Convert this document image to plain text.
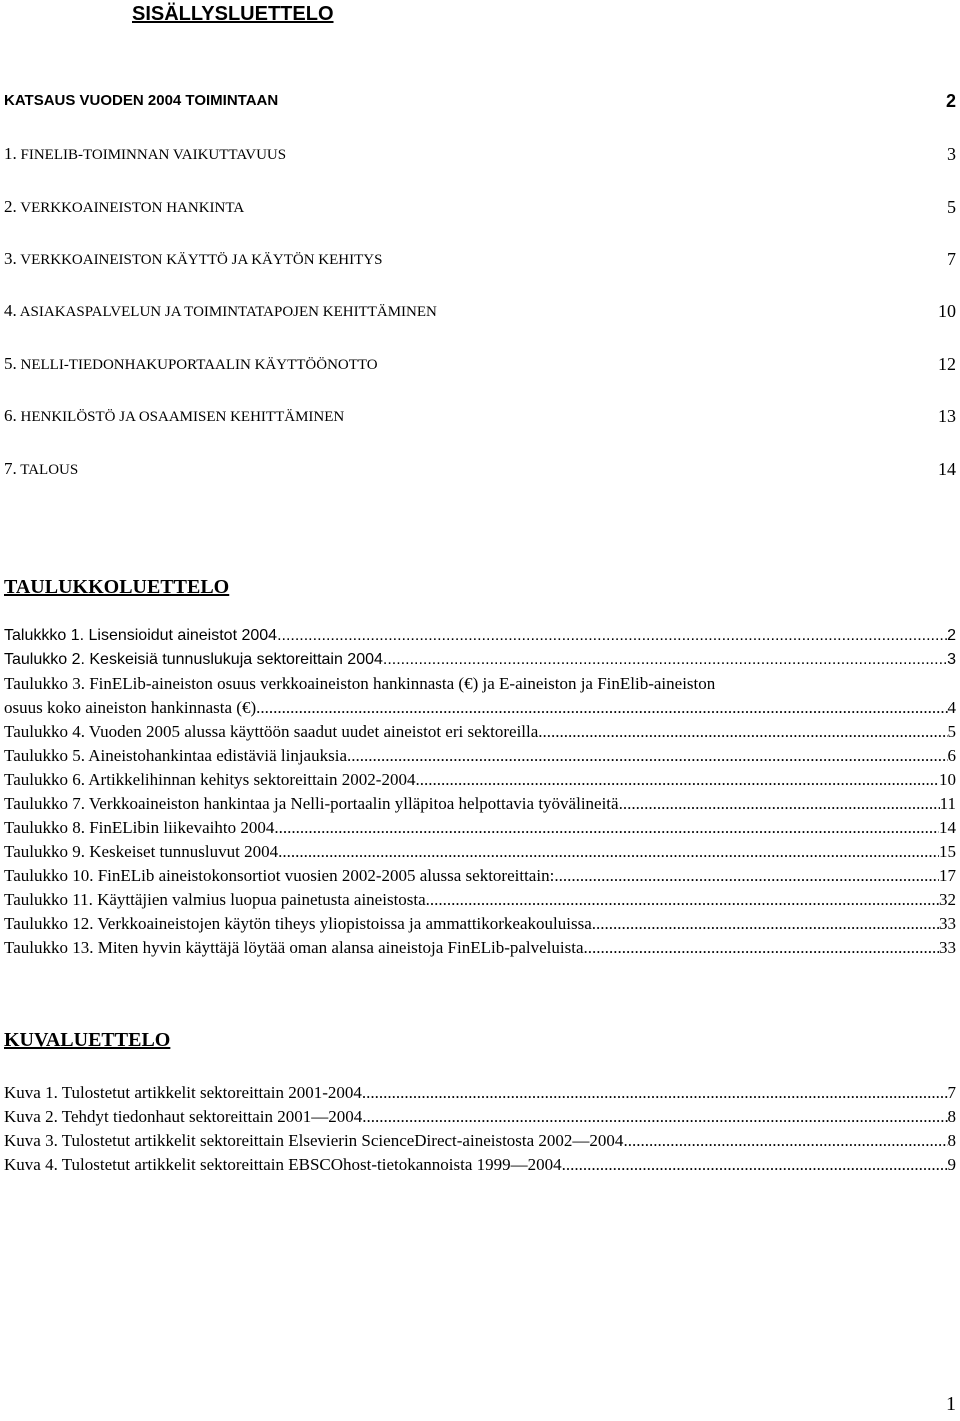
SISÄLLYSLUETTELO
KATSAUS VUODEN 2004 TOIMINTAAN	2
1. FINELIB-TOIMINNAN VAIKUTTAVUUS	3
2. VERKKOAINEISTON HANKINTA	5
3. VERKKOAINEISTON KÄYTTÖ JA KÄYTÖN KEHITYS	7
4. ASIAKASPALVELUN JA TOIMINTATAPOJEN KEHITTÄMINEN	10
5. NELLI-TIEDONHAKUPORTAALIN KÄYTTÖÖNOTTO	12
6. HENKILÖSTÖ JA OSAAMISEN KEHITTÄMINEN	13
7. TALOUS	14
TAULUKKOLUETTELO
Talukkko 1. Lisensioidut aineistot 2004 .....	2
Taulukko 2. Keskeisiä tunnuslukuja sektoreittain 2004. .....	3
Taulukko 3. FinELib-aineiston osuus verkkoaineiston hankinnasta (€) ja E-aineiston ja FinElib-aineiston
osuus koko aineiston hankinnasta (€). .....	4
Taulukko 4. Vuoden 2005 alussa käyttöön saadut uudet aineistot eri sektoreilla. .....	5
Taulukko 5. Aineistohankintaa edistäviä linjauksia .....	6
Taulukko 6. Artikkelihinnan kehitys sektoreittain 2002-2004 .....	10
Taulukko 7. Verkkoaineiston hankintaa ja Nelli-portaalin ylläpitoa helpottavia työvälineitä .....	11
Taulukko 8. FinELibin liikevaihto 2004. .....	14
Taulukko 9. Keskeiset tunnusluvut 2004 .....	15
Taulukko 10. FinELib aineistokonsortiot vuosien 2002-2005 alussa sektoreittain: .....	17
Taulukko 11. Käyttäjien valmius luopua painetusta aineistosta .....	32
Taulukko 12. Verkkoaineistojen käytön tiheys yliopistoissa ja ammattikorkeakouluissa. .....	33
Taulukko 13. Miten hyvin käyttäjä löytää oman alansa aineistoja FinELib-palveluista .....	33
KUVALUETTELO
Kuva 1. Tulostetut artikkelit sektoreittain 2001-2004 .....	7
Kuva 2. Tehdyt tiedonhaut sektoreittain 2001—2004 .....	8
Kuva 3. Tulostetut artikkelit sektoreittain Elsevierin ScienceDirect-aineistosta 2002—2004 .....	8
Kuva 4. Tulostetut artikkelit sektoreittain EBSCOhost-tietokannoista 1999—2004 .....	9
1
